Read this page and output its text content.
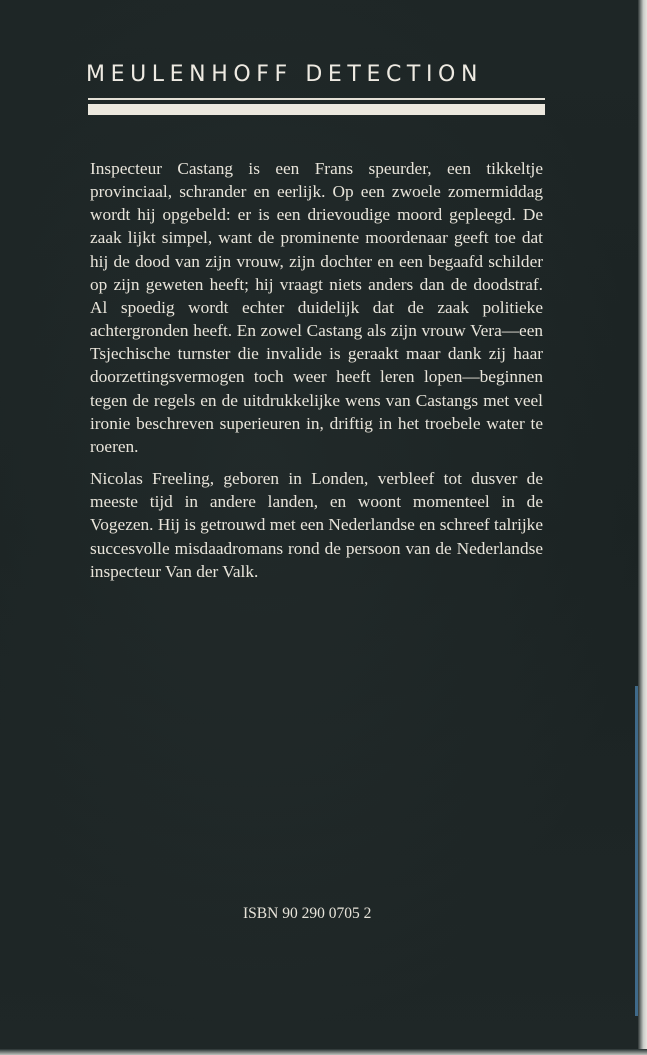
MEULENHOFF DETECTION

Inspecteur Castang is een Frans speurder, een tikkeltje provinciaal, schrander en eerlijk. Op een zwoele zomermiddag wordt hij opgebeld: er is een drievoudige moord gepleegd. De zaak lijkt simpel, want de prominente moordenaar geeft toe dat hij de dood van zijn vrouw, zijn dochter en een begaafd schilder op zijn geweten heeft; hij vraagt niets anders dan de doodstraf. Al spoedig wordt echter duidelijk dat de zaak politieke achtergronden heeft. En zowel Castang als zijn vrouw Vera—een Tsjechische turnster die invalide is geraakt maar dank zij haar doorzettingsvermogen toch weer heeft leren lopen—beginnen tegen de regels en de uitdrukkelijke wens van Castangs met veel ironie beschreven superieuren in, driftig in het troebele water te roeren.

Nicolas Freeling, geboren in Londen, verbleef tot dusver de meeste tijd in andere landen, en woont momenteel in de Vogezen. Hij is getrouwd met een Nederlandse en schreef talrijke succesvolle misdaadromans rond de persoon van de Nederlandse inspecteur Van der Valk.

ISBN 90 290 0705 2
